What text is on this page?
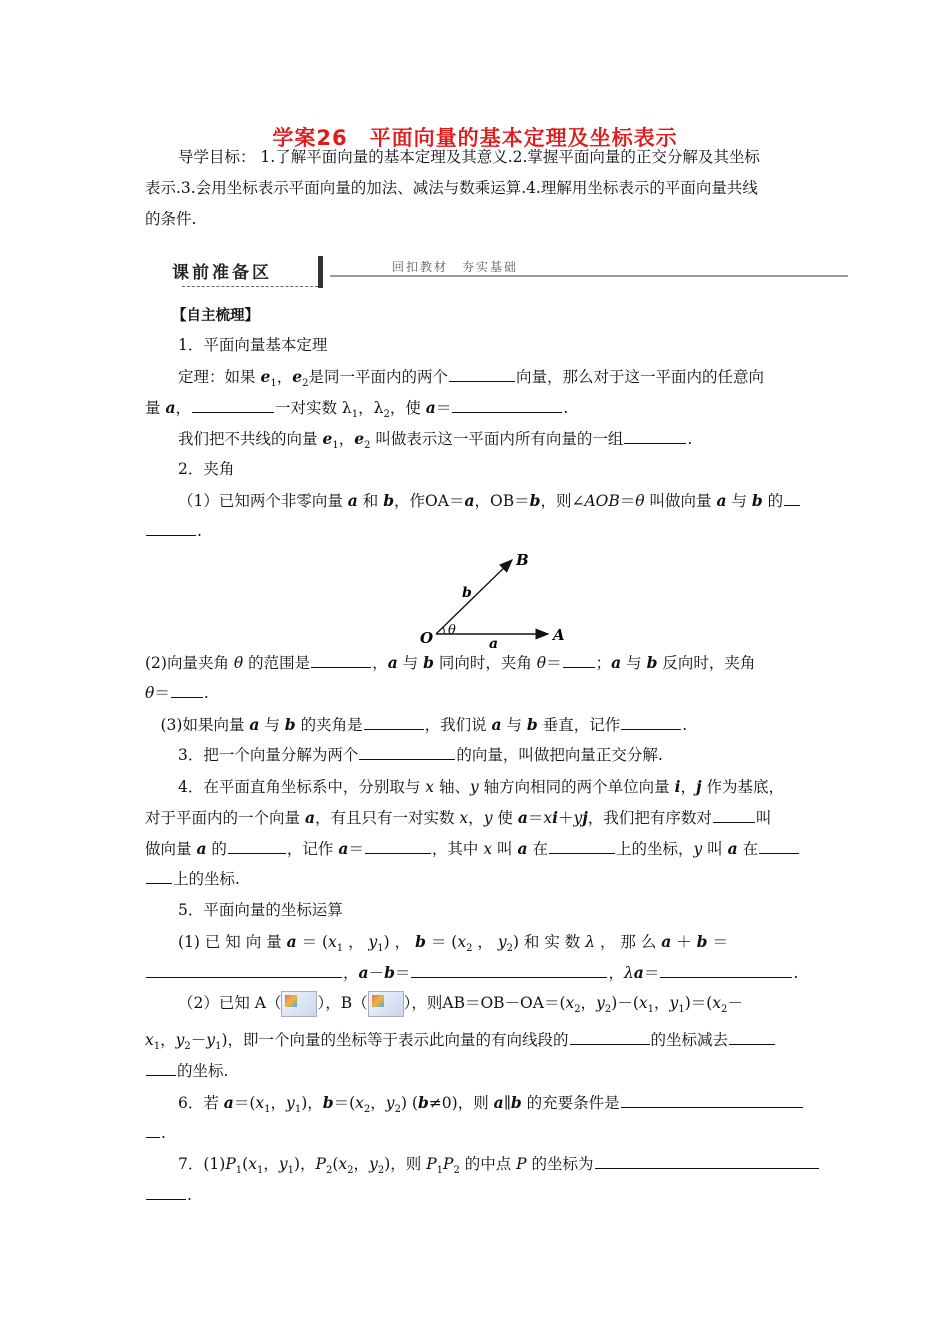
学案26　平面向量的基本定理及坐标表示
导学目标： 1.了解平面向量的基本定理及其意义.2.掌握平面向量的正交分解及其坐标
表示.3.会用坐标表示平面向量的加法、减法与数乘运算.4.理解用坐标表示的平面向量共线
的条件.
课前准备区	回扣教材　夯实基础
【自主梳理】
1．平面向量基本定理
定理：如果 $e_1$，$e_2$是同一平面内的两个	向量，那么对于这一平面内的任意向
量 a，	一对实数 $\lambda_1$，$\lambda_2$，使 a＝	.
我们把不共线的向量 $e_1$，$e_2$ 叫做表示这一平面内所有向量的一组	.
2．夹角
（1）已知两个非零向量 a 和 b，作OA＝a，OB＝b，则∠AOB＝θ 叫做向量 a 与 b 的
.
O	A
B
a
b
θ
(2)向量夹角 θ 的范围是	，a 与 b 同向时，夹角 θ＝ ；a 与 b 反向时，夹角
θ＝ .
　(3)如果向量 a 与 b 的夹角是	，我们说 a 与 b 垂直，记作	.
3．把一个向量分解为两个	的向量，叫做把向量正交分解.
4．在平面直角坐标系中，分别取与 x 轴、y 轴方向相同的两个单位向量 i，j 作为基底，
对于平面内的一个向量 a，有且只有一对实数 x，y 使 a＝xi＋yj，我们把有序数对	叫
做向量 a 的	，记作 a＝	，其中 x 叫 a 在	上的坐标，y 叫 a 在
上的坐标.
5．平面向量的坐标运算
(1) 已 知 向 量 $a = (x_1$ ， $y_1$) ， $b = (x_2$ ， $y_2$) 和 实 数 λ ， 那 么 a ＋ b ＝
，a－b＝	，λa＝	.
（2）已知 A（ ），B（ ），则$AB=OB-OA=(x_2$，$y_2)-(x_1$，$y_1)=(x_2-$
$x_1$，$y_2-y_1$)，即一个向量的坐标等于表示此向量的有向线段的	的坐标减去
的坐标.
6．若 $a=(x_1$，$y_1$)，$b=(x_2$，$y_2$) (b≠0)，则 a∥b 的充要条件是
.
7．$(1)P_1(x_1$，$y_1$)，$P_2(x_2$，$y_2$)，则 $P_1P_2$ 的中点 P 的坐标为
.
